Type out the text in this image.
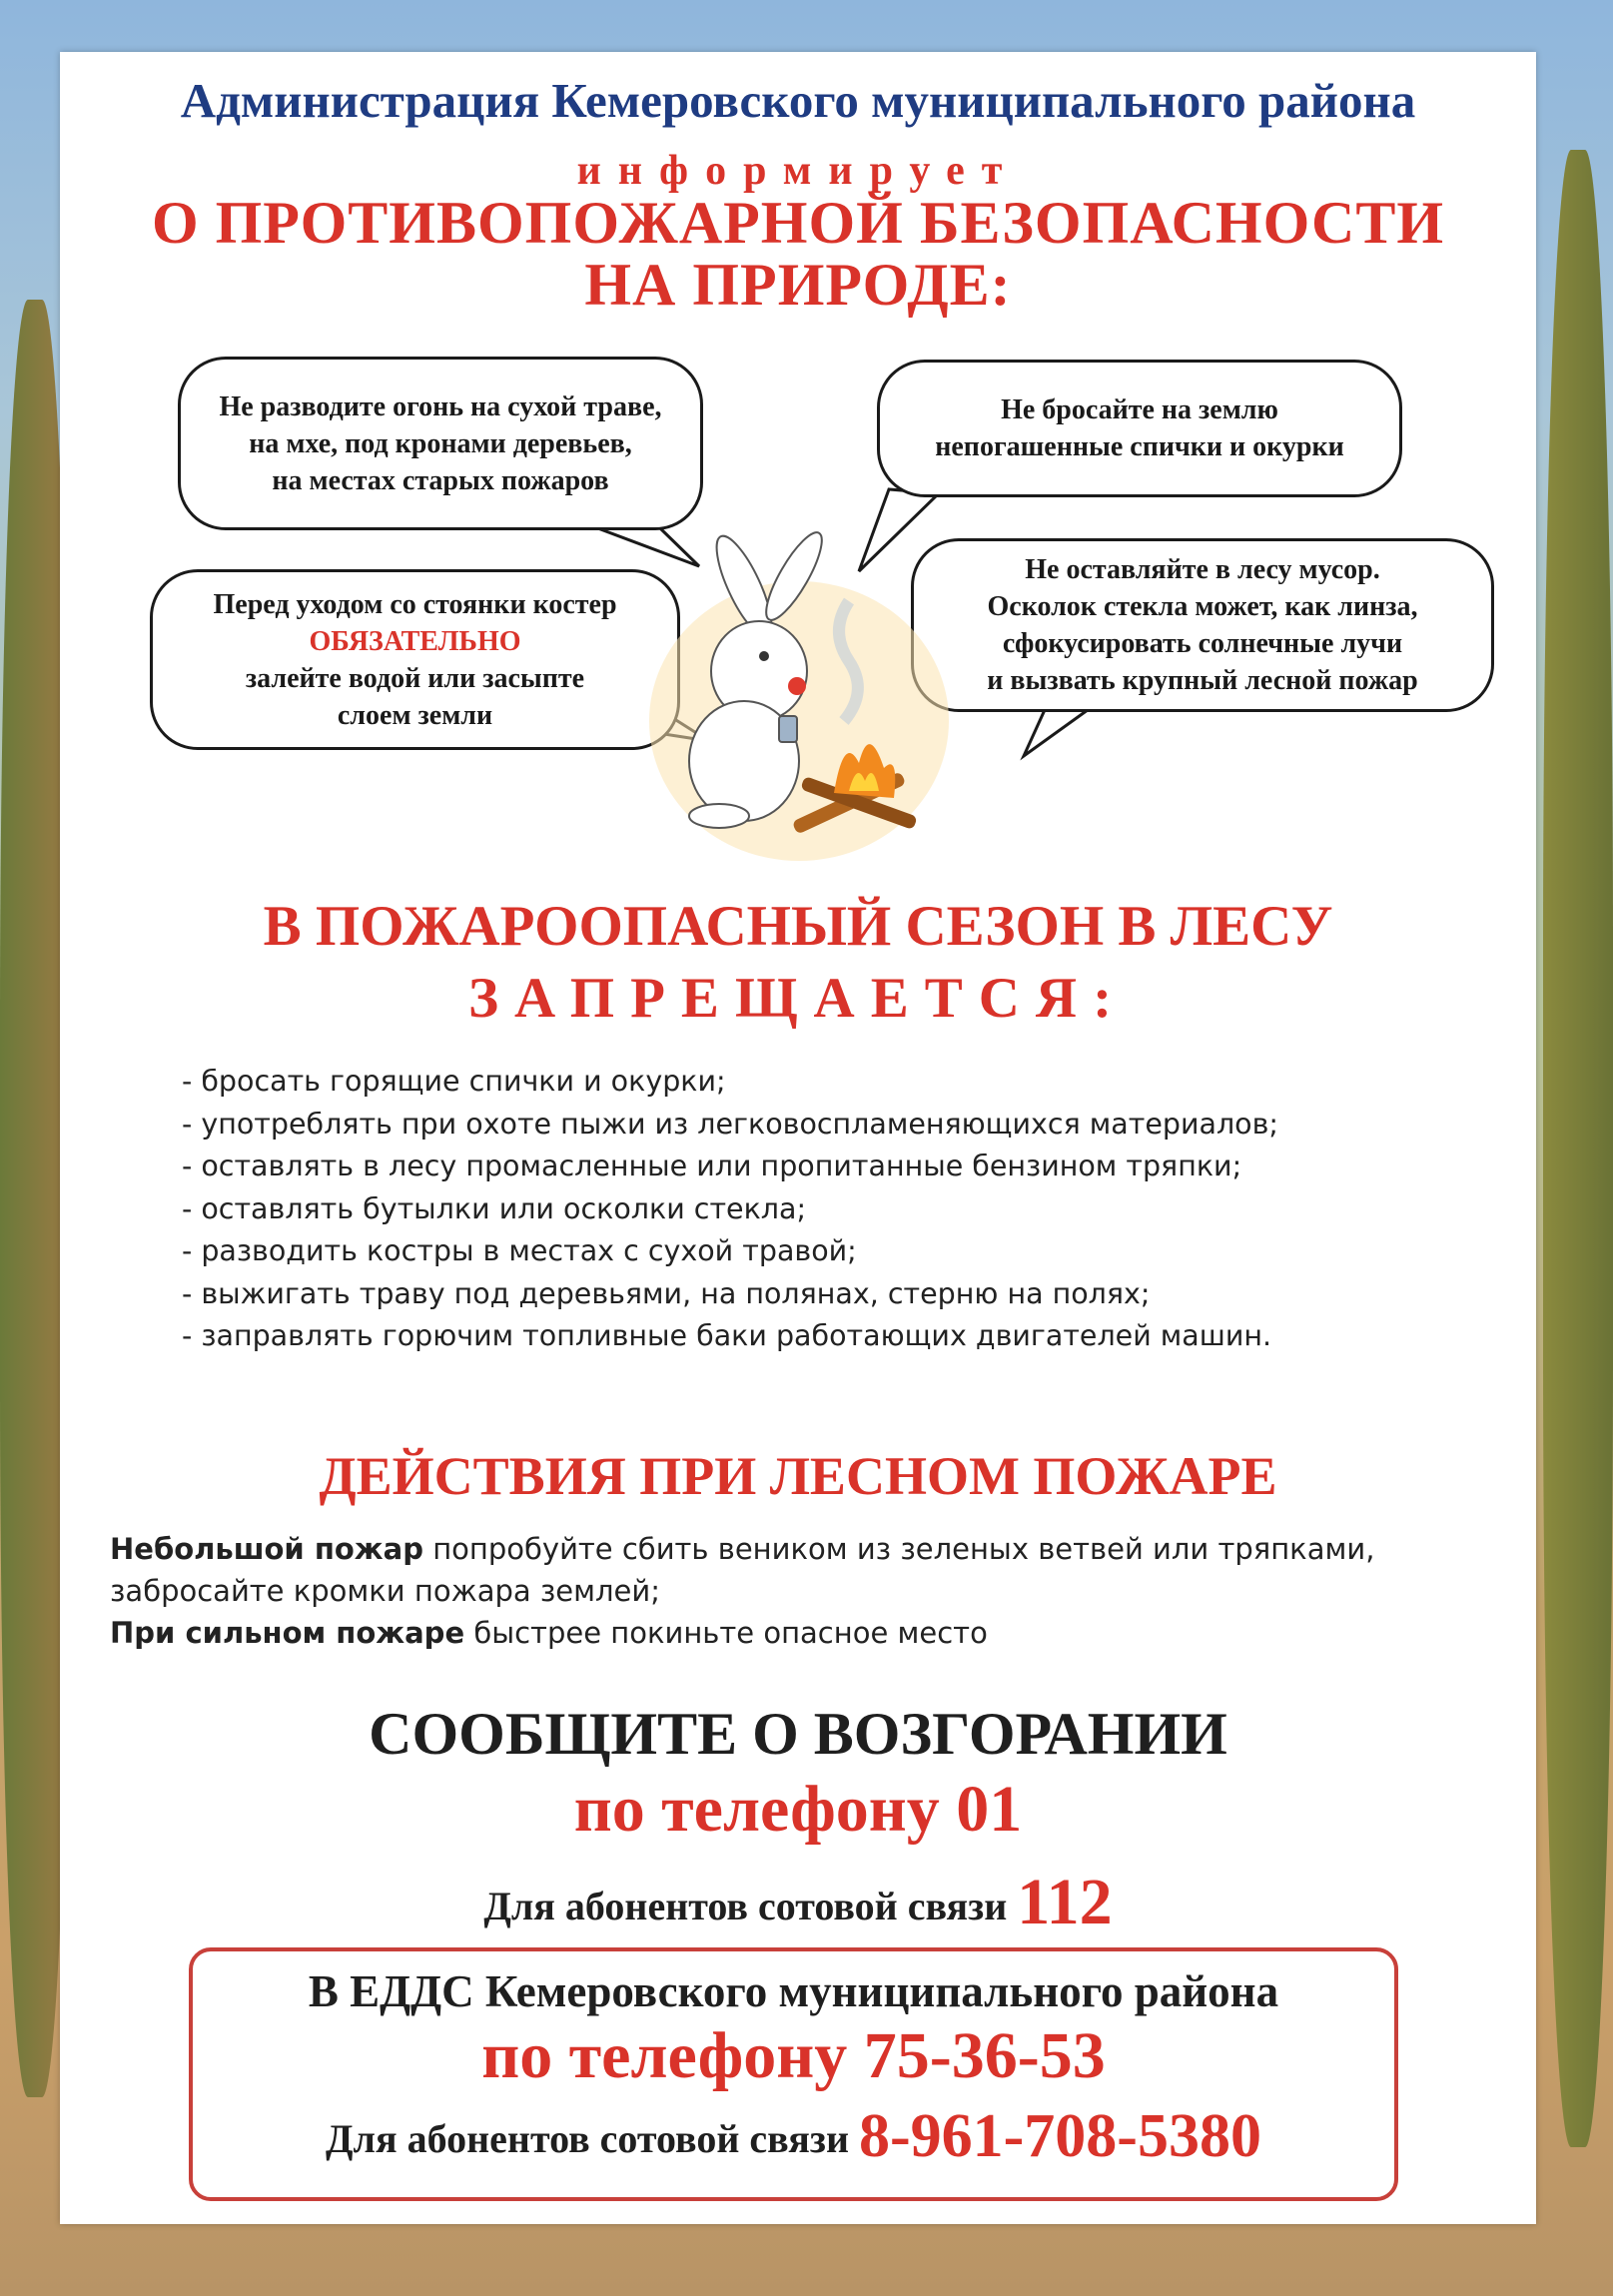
Администрация Кемеровского муниципального района
информирует
О ПРОТИВОПОЖАРНОЙ БЕЗОПАСНОСТИ
НА ПРИРОДЕ:
Не разводите огонь на сухой траве,
на мхе, под кронами деревьев,
на местах старых пожаров
Не бросайте на землю
непогашенные спички и окурки
Перед уходом со стоянки костер
ОБЯЗАТЕЛЬНО
залейте водой или засыпте
слоем земли
Не оставляйте в лесу мусор.
Осколок стекла может, как линза,
сфокусировать солнечные лучи
и вызвать крупный лесной пожар
В ПОЖАРООПАСНЫЙ СЕЗОН В ЛЕСУ
ЗАПРЕЩАЕТСЯ:
- бросать горящие спички и окурки;
- употреблять при охоте пыжи из легковоспламеняющихся материалов;
- оставлять в лесу промасленные или пропитанные бензином тряпки;
- оставлять бутылки или осколки стекла;
- разводить костры в местах с сухой травой;
- выжигать траву под деревьями, на полянах, стерню на полях;
- заправлять горючим топливные баки работающих двигателей машин.
ДЕЙСТВИЯ ПРИ ЛЕСНОМ ПОЖАРЕ

Небольшой пожар попробуйте сбить веником из зеленых ветвей или тряпками,

забросайте кромки пожара землей;

При сильном пожаре быстрее покиньте опасное место

СООБЩИТЕ О ВОЗГОРАНИИ
по телефону 01
Для абонентов сотовой связи 112
В ЕДДС Кемеровского муниципального района
по телефону 75-36-53
Для абонентов сотовой связи 8-961-708-5380
